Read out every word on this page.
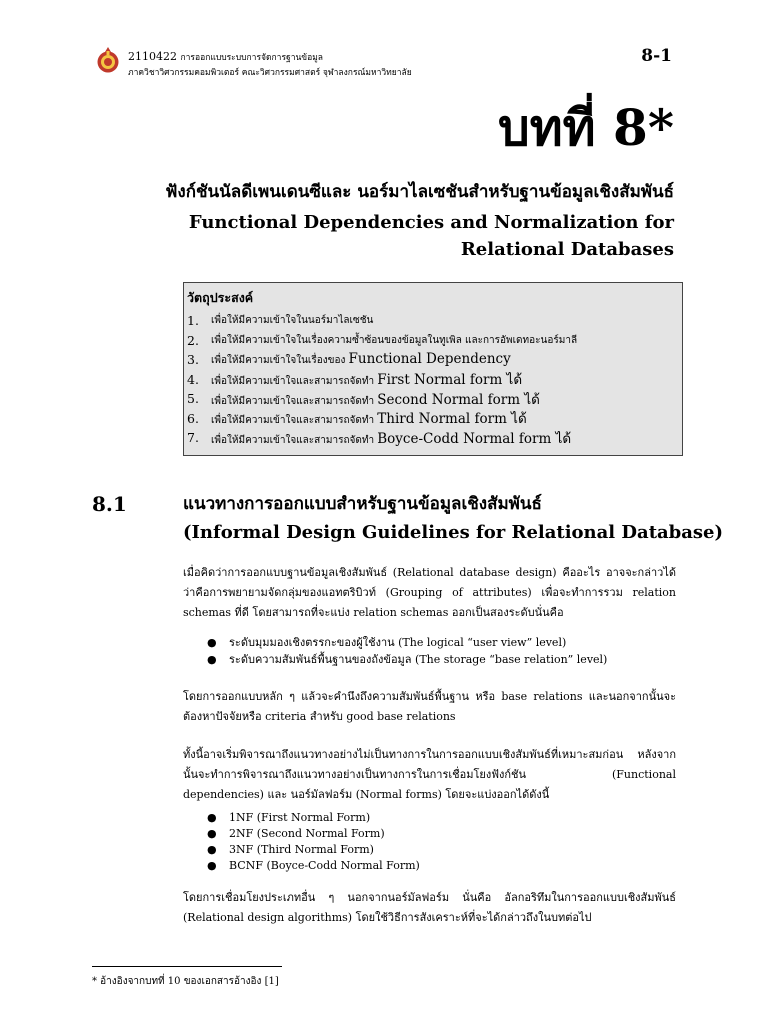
2110422 การออกแบบระบบการจัดการฐานข้อมูล
ภาควิชาวิศวกรรมคอมพิวเตอร์ คณะวิศวกรรมศาสตร์ จุฬาลงกรณ์มหาวิทยาลัย
8-1
บทที่ 8*
ฟังก์ชันนัลดีเพนเดนซีและ นอร์มาไลเซชันสำหรับฐานข้อมูลเชิงสัมพันธ์
Functional Dependencies and Normalization for
Relational Databases
วัตถุประสงค์
1.	เพื่อให้มีความเข้าใจในนอร์มาไลเซชัน
2.	เพื่อให้มีความเข้าใจในเรื่องความซ้ำซ้อนของข้อมูลในทูเพิล และการอัพเดทอะนอร์มาลี
3.	เพื่อให้มีความเข้าใจในเรื่องของ Functional Dependency
4.	เพื่อให้มีความเข้าใจและสามารถจัดทำ First Normal form ได้
5.	เพื่อให้มีความเข้าใจและสามารถจัดทำ Second Normal form ได้
6.	เพื่อให้มีความเข้าใจและสามารถจัดทำ Third Normal form ได้
7.	เพื่อให้มีความเข้าใจและสามารถจัดทำ Boyce-Codd Normal form ได้
8.1	แนวทางการออกแบบสำหรับฐานข้อมูลเชิงสัมพันธ์
(Informal Design Guidelines for Relational Database)
เมื่อคิดว่าการออกแบบฐานข้อมูลเชิงสัมพันธ์ (Relational database design) คืออะไร อาจจะกล่าวได้ว่าคือการพยายามจัดกลุ่มของแอทตริบิวท์ (Grouping of attributes) เพื่อจะทำการรวม relation schemas ที่ดี โดยสามารถที่จะแบ่ง relation schemas ออกเป็นสองระดับนั่นคือ
● ระดับมุมมองเชิงตรรกะของผู้ใช้งาน (The logical “user view” level)
● ระดับความสัมพันธ์พื้นฐานของถังข้อมูล (The storage “base relation” level)
โดยการออกแบบหลัก ๆ แล้วจะคำนึงถึงความสัมพันธ์พื้นฐาน หรือ base relations และนอกจากนั้นจะต้องหาปัจจัยหรือ criteria สำหรับ good base relations
ทั้งนี้อาจเริ่มพิจารณาถึงแนวทางอย่างไม่เป็นทางการในการออกแบบเชิงสัมพันธ์ที่เหมาะสมก่อน หลังจากนั้นจะทำการพิจารณาถึงแนวทางอย่างเป็นทางการในการเชื่อมโยงฟังก์ชัน (Functional dependencies) และ นอร์มัลฟอร์ม (Normal forms) โดยจะแบ่งออกได้ดังนี้
● 1NF (First Normal Form)
● 2NF (Second Normal Form)
● 3NF (Third Normal Form)
● BCNF (Boyce-Codd Normal Form)
โดยการเชื่อมโยงประเภทอื่น ๆ นอกจากนอร์มัลฟอร์ม นั่นคือ อัลกอริทึมในการออกแบบเชิงสัมพันธ์ (Relational design algorithms) โดยใช้วิธีการสังเคราะห์ที่จะได้กล่าวถึงในบทต่อไป
* อ้างอิงจากบทที่ 10 ของเอกสารอ้างอิง [1]
